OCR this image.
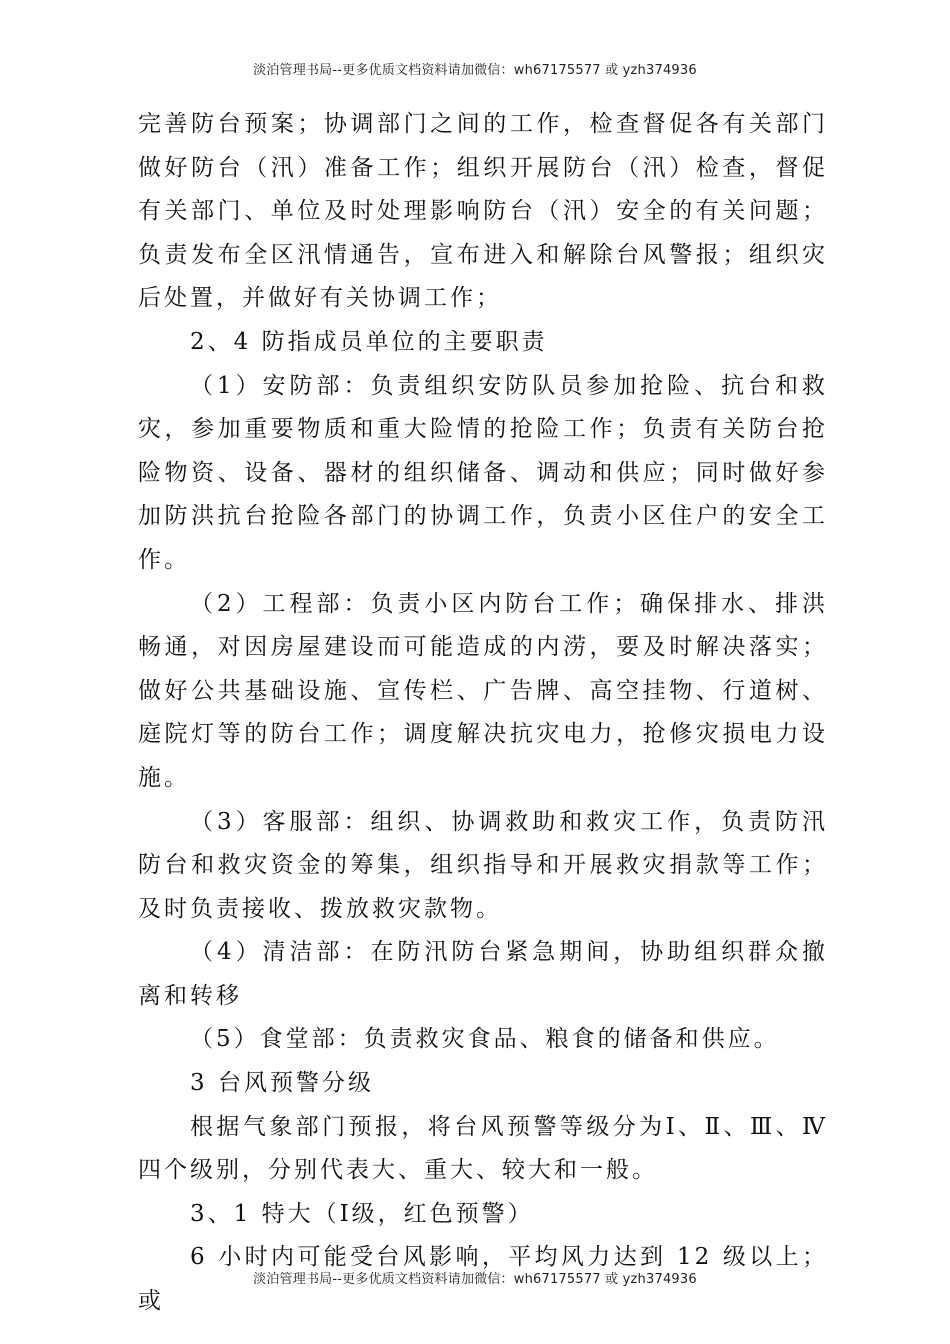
淡泊管理书局--更多优质文档资料请加微信：wh67175577 或 yzh374936

完善防台预案；协调部门之间的工作，检查督促各有关部门做好防台（汛）准备工作；组织开展防台（汛）检查，督促有关部门、单位及时处理影响防台（汛）安全的有关问题；负责发布全区汛情通告，宣布进入和解除台风警报；组织灾后处置，并做好有关协调工作；

2、4 防指成员单位的主要职责

（1）安防部：负责组织安防队员参加抢险、抗台和救灾，参加重要物质和重大险情的抢险工作；负责有关防台抢险物资、设备、器材的组织储备、调动和供应；同时做好参加防洪抗台抢险各部门的协调工作，负责小区住户的安全工作。

（2）工程部：负责小区内防台工作；确保排水、排洪畅通，对因房屋建设而可能造成的内涝，要及时解决落实；做好公共基础设施、宣传栏、广告牌、高空挂物、行道树、庭院灯等的防台工作；调度解决抗灾电力，抢修灾损电力设施。

（3）客服部：组织、协调救助和救灾工作，负责防汛防台和救灾资金的筹集，组织指导和开展救灾捐款等工作；及时负责接收、拨放救灾款物。

（4）清洁部：在防汛防台紧急期间，协助组织群众撤离和转移

（5）食堂部：负责救灾食品、粮食的储备和供应。

3 台风预警分级

根据气象部门预报，将台风预警等级分为Ⅰ、Ⅱ、Ⅲ、Ⅳ四个级别，分别代表大、重大、较大和一般。

3、1 特大（Ⅰ级，红色预警）

6 小时内可能受台风影响，平均风力达到 12 级以上；或

淡泊管理书局--更多优质文档资料请加微信：wh67175577 或 yzh374936
